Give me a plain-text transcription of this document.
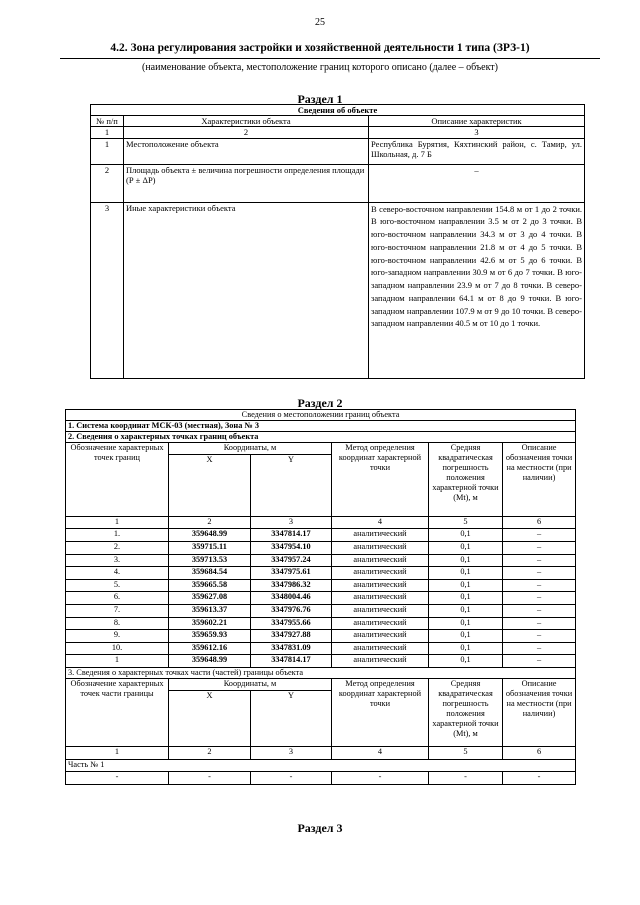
25
4.2. Зона регулирования застройки и хозяйственной деятельности 1 типа (ЗРЗ-1)
(наименование объекта, местоположение границ которого описано (далее – объект)
Раздел 1
Сведения об объекте		
№ п/п	Характеристики объекта	Описание характеристик
1	2	3
1	Местоположение объекта	Республика Бурятия, Кяхтинский район, с. Тамир, ул. Школьная, д. 7 Б
2	Площадь объекта ± величина погрешности определения площади (Р ± ΔР)	–
3	Иные характеристики объекта	В северо-восточном направлении 154.8 м от 1 до 2 точки. В юго-восточном направлении 3.5 м от 2 до 3 точки. В юго-восточном направлении 34.3 м от 3 до 4 точки. В юго-восточном направлении 21.8 м от 4 до 5 точки. В юго-восточном направлении 42.6 м от 5 до 6 точки. В юго-западном направлении 30.9 м от 6 до 7 точки. В юго-западном направлении 23.9 м от 7 до 8 точки. В северо-западном направлении 64.1 м от 8 до 9 точки. В юго-западном направлении 107.9 м от 9 до 10 точки. В северо-западном направлении 40.5 м от 10 до 1 точки.
Раздел 2
Сведения о местоположении границ объекта					
1. Система координат МСК-03 (местная), Зона № 3					
2. Сведения о характерных точках границ объекта					
Обозначение характерных точек границ	Координаты, м		Метод определения координат характерной точки	Средняя квадратическая погрешность положения характерной точки (Мt), м	Описание обозначения точки на местности (при наличии)
	X	Y			
1	2	3	4	5	6
1.	359648.99	3347814.17	аналитический	0,1	–
2.	359715.11	3347954.10	аналитический	0,1	–
3.	359713.53	3347957.24	аналитический	0,1	–
4.	359684.54	3347975.61	аналитический	0,1	–
5.	359665.58	3347986.32	аналитический	0,1	–
6.	359627.08	3348004.46	аналитический	0,1	–
7.	359613.37	3347976.76	аналитический	0,1	–
8.	359602.21	3347955.66	аналитический	0,1	–
9.	359659.93	3347927.88	аналитический	0,1	–
10.	359612.16	3347831.09	аналитический	0,1	–
1	359648.99	3347814.17	аналитический	0,1	–
3. Сведения о характерных точках части (частей) границы объекта					
Обозначение характерных точек части границы	Координаты, м		Метод определения координат характерной точки	Средняя квадратическая погрешность положения характерной точки (Мt), м	Описание обозначения точки на местности (при наличии)
	X	Y			
1	2	3	4	5	6
Часть № 1					
-	-	-	-	-	-
Раздел 3
